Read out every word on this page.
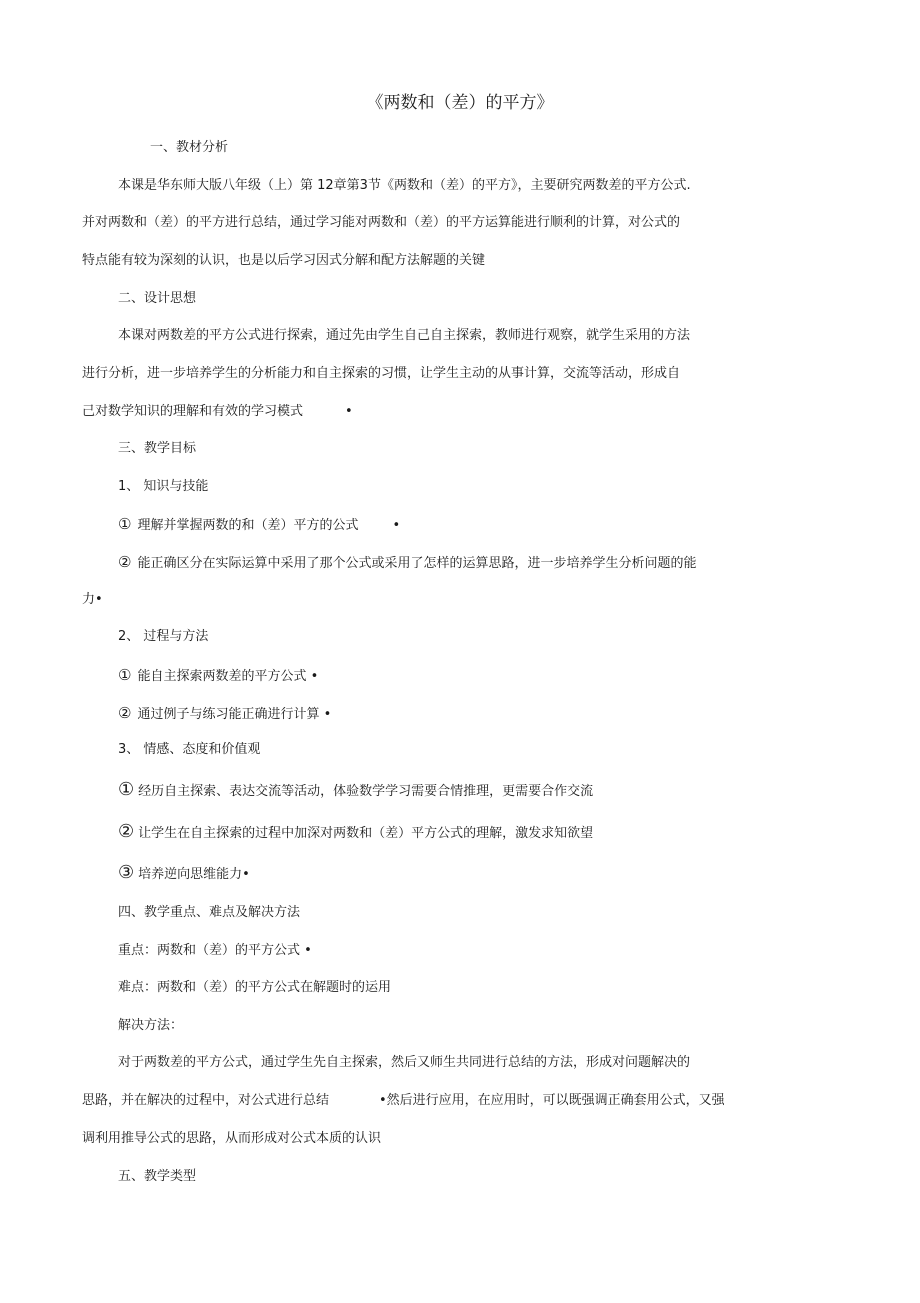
《两数和（差）的平方》
一、教材分析
本课是华东师大版八年级（上）第 12章第3节《两数和（差）的平方》，主要研究两数差的平方公式.
并对两数和（差）的平方进行总结，通过学习能对两数和（差）的平方运算能进行顺利的计算，对公式的
特点能有较为深刻的认识，也是以后学习因式分解和配方法解题的关键
二、设计思想
本课对两数差的平方公式进行探索，通过先由学生自己自主探索，教师进行观察，就学生采用的方法
进行分析，进一步培养学生的分析能力和自主探索的习惯，让学生主动的从事计算，交流等活动，形成自
己对数学知识的理解和有效的学习模式	•
三、教学目标
1、 知识与技能
① 理解并掌握两数的和（差）平方的公式	•
② 能正确区分在实际运算中采用了那个公式或采用了怎样的运算思路，进一步培养学生分析问题的能
力•
2、 过程与方法
① 能自主探索两数差的平方公式 •
② 通过例子与练习能正确进行计算 •
3、 情感、态度和价值观
① 经历自主探索、表达交流等活动，体验数学学习需要合情推理，更需要合作交流
② 让学生在自主探索的过程中加深对两数和（差）平方公式的理解，激发求知欲望
③ 培养逆向思维能力•
四、教学重点、难点及解决方法
重点：两数和（差）的平方公式 •
难点：两数和（差）的平方公式在解题时的运用
解决方法：
对于两数差的平方公式，通过学生先自主探索，然后又师生共同进行总结的方法，形成对问题解决的
思路，并在解决的过程中，对公式进行总结	•然后进行应用，在应用时，可以既强调正确套用公式，又强
调利用推导公式的思路，从而形成对公式本质的认识
五、教学类型
